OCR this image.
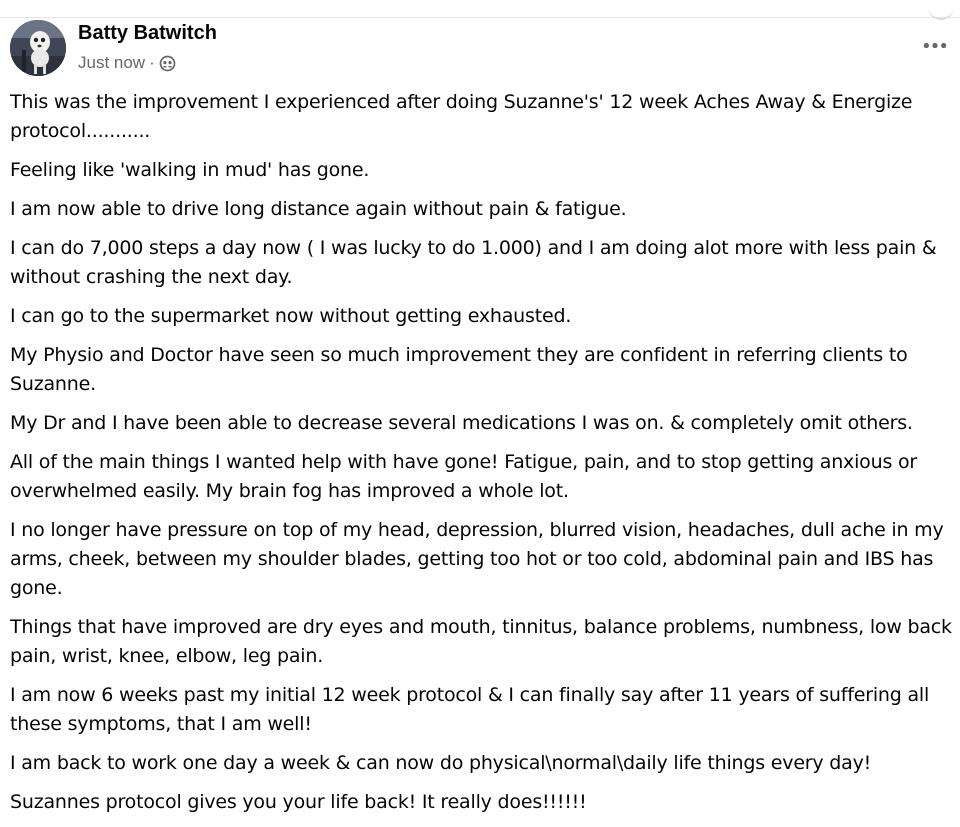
Batty Batwitch
Just now ·

This was the improvement I experienced after doing Suzanne's' 12 week Aches Away & Energize protocol...........

Feeling like 'walking in mud' has gone.

I am now able to drive long distance again without pain & fatigue.

I can do 7,000 steps a day now ( I was lucky to do 1.000) and I am doing alot more with less pain & without crashing the next day.

I can go to the supermarket now without getting exhausted.

My Physio and Doctor have seen so much improvement they are confident in referring clients to Suzanne.

My Dr and I have been able to decrease several medications I was on. & completely omit others.

All of the main things I wanted help with have gone! Fatigue, pain, and to stop getting anxious or overwhelmed easily. My brain fog has improved a whole lot.

I no longer have pressure on top of my head, depression, blurred vision, headaches, dull ache in my arms, cheek, between my shoulder blades, getting too hot or too cold, abdominal pain and IBS has gone.

Things that have improved are dry eyes and mouth, tinnitus, balance problems, numbness, low back pain, wrist, knee, elbow, leg pain.

I am now 6 weeks past my initial 12 week protocol & I can finally say after 11 years of suffering all these symptoms, that I am well!

I am back to work one day a week & can now do physical\normal\daily life things every day!

Suzannes protocol gives you your life back! It really does!!!!!!
